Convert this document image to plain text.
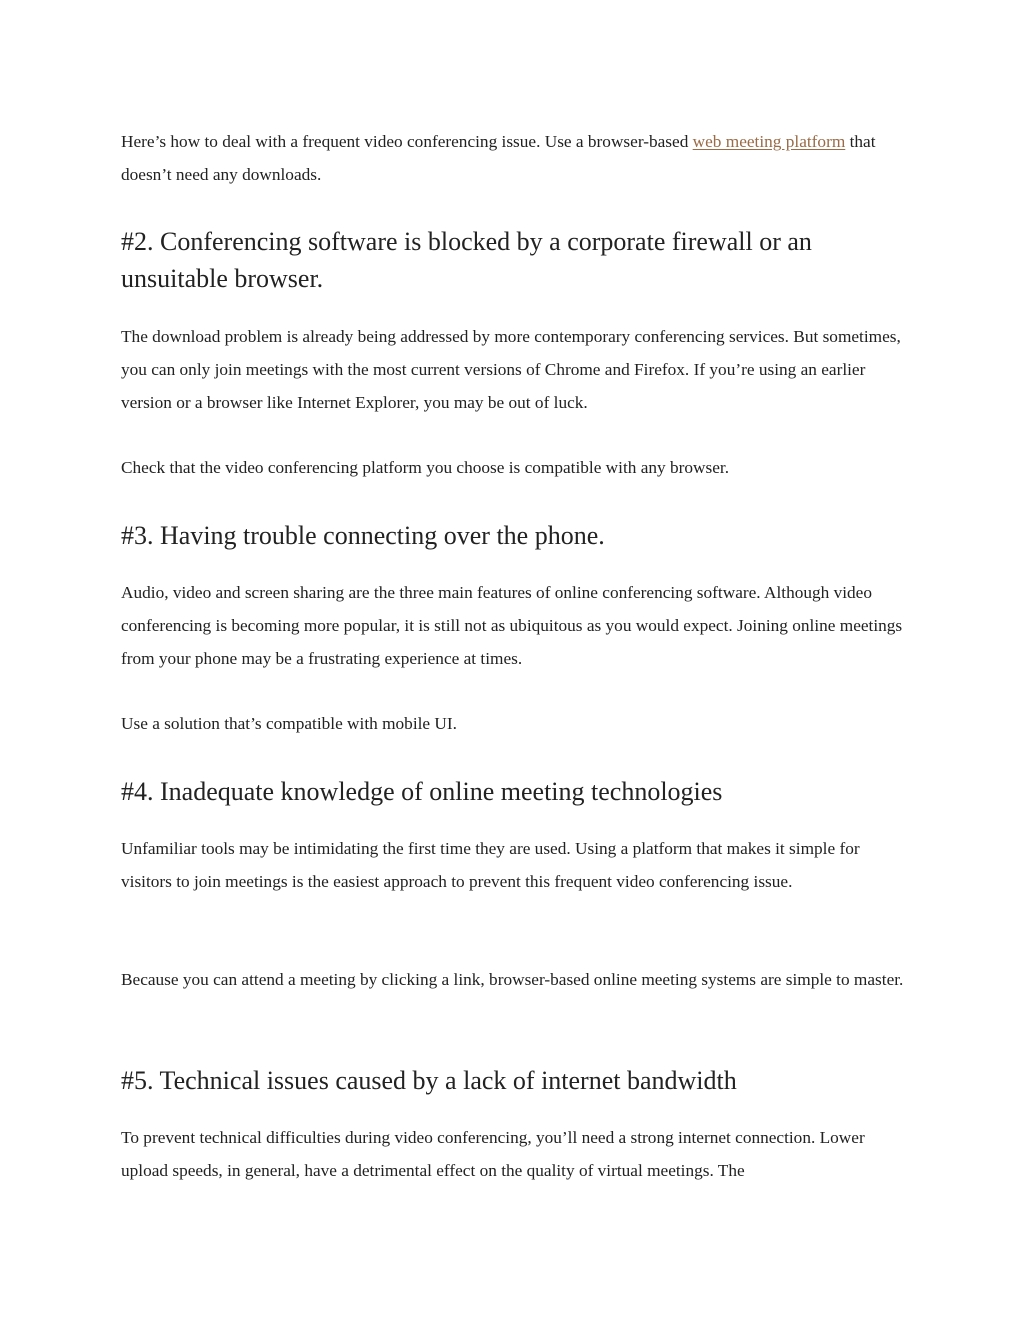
Here’s how to deal with a frequent video conferencing issue. Use a browser-based web meeting platform that doesn’t need any downloads.

#2. Conferencing software is blocked by a corporate firewall or an unsuitable browser.

The download problem is already being addressed by more contemporary conferencing services. But sometimes, you can only join meetings with the most current versions of Chrome and Firefox. If you’re using an earlier version or a browser like Internet Explorer, you may be out of luck.

Check that the video conferencing platform you choose is compatible with any browser.

#3. Having trouble connecting over the phone.

Audio, video and screen sharing are the three main features of online conferencing software. Although video conferencing is becoming more popular, it is still not as ubiquitous as you would expect. Joining online meetings from your phone may be a frustrating experience at times.

Use a solution that’s compatible with mobile UI.

#4. Inadequate knowledge of online meeting technologies

Unfamiliar tools may be intimidating the first time they are used. Using a platform that makes it simple for visitors to join meetings is the easiest approach to prevent this frequent video conferencing issue.

Because you can attend a meeting by clicking a link, browser-based online meeting systems are simple to master.

#5. Technical issues caused by a lack of internet bandwidth

To prevent technical difficulties during video conferencing, you’ll need a strong internet connection. Lower upload speeds, in general, have a detrimental effect on the quality of virtual meetings. The
